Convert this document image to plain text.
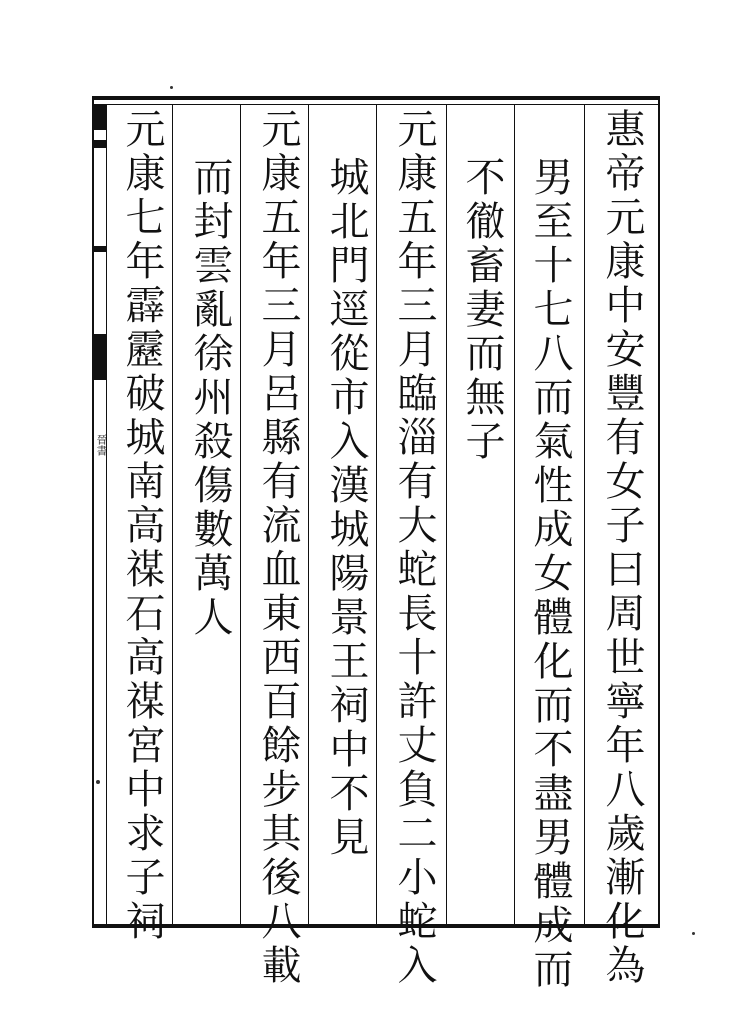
晉書	惠帝元康中安豐有女子曰周世寧年八歲漸化為

男至十七八而氣性成女體化而不盡男體成而

不徹畜妻而無子

元康五年三月臨淄有大蛇長十許丈負二小蛇入

城北門逕從市入漢城陽景王祠中不見

元康五年三月呂縣有流血東西百餘步其後八載

而封雲亂徐州殺傷數萬人

元康七年霹靂破城南高禖石高禖宮中求子祠
